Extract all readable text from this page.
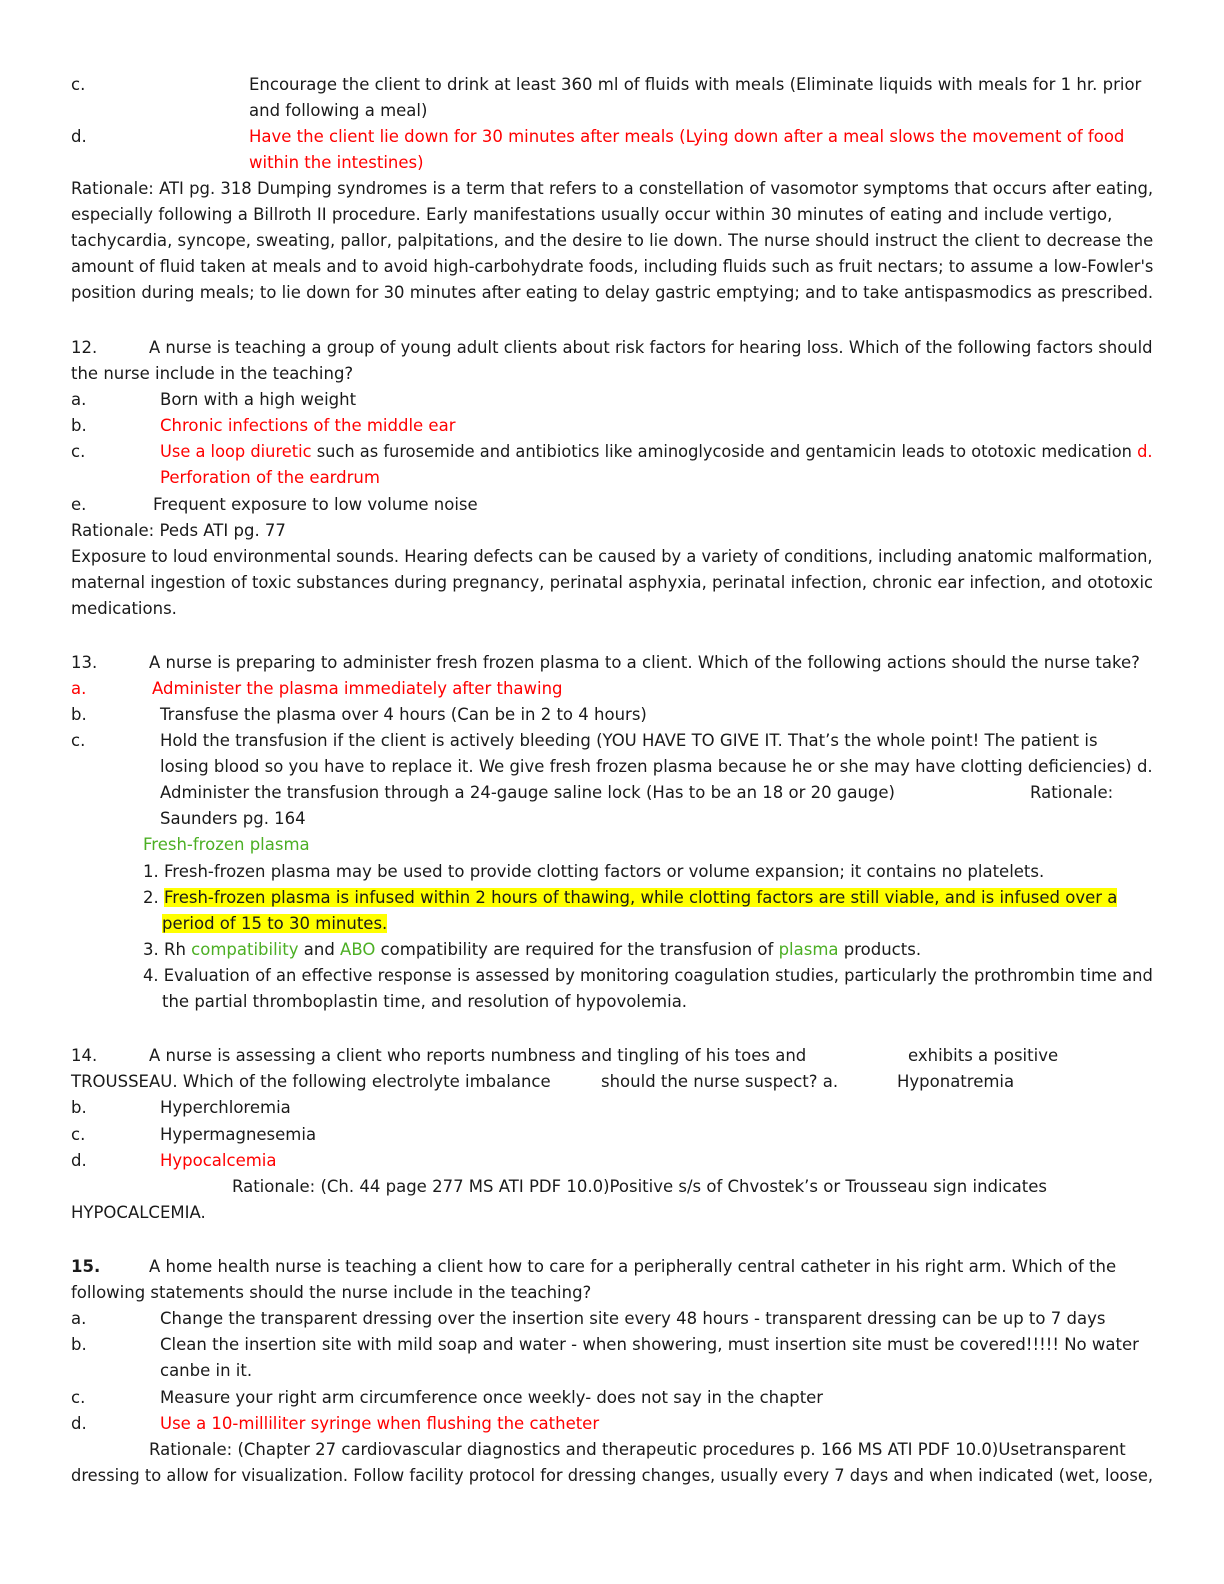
c.	Encourage the client to drink at least 360 ml of fluids with meals (Eliminate liquids with meals for 1 hr. prior
and following a meal)
d.	Have the client lie down for 30 minutes after meals (Lying down after a meal slows the movement of food
within the intestines)
Rationale: ATI pg. 318 Dumping syndromes is a term that refers to a constellation of vasomotor symptoms that occurs after eating,
especially following a Billroth II procedure. Early manifestations usually occur within 30 minutes of eating and include vertigo,
tachycardia, syncope, sweating, pallor, palpitations, and the desire to lie down. The nurse should instruct the client to decrease the
amount of fluid taken at meals and to avoid high-carbohydrate foods, including fluids such as fruit nectars; to assume a low-Fowler's
position during meals; to lie down for 30 minutes after eating to delay gastric emptying; and to take antispasmodics as prescribed.
12.	A nurse is teaching a group of young adult clients about risk factors for hearing loss. Which of the following factors should
the nurse include in the teaching?
a.	Born with a high weight
b.	Chronic infections of the middle ear
c.	Use a loop diuretic such as furosemide and antibiotics like aminoglycoside and gentamicin leads to ototoxic medication d.
Perforation of the eardrum
e.	Frequent exposure to low volume noise
Rationale: Peds ATI pg. 77
Exposure to loud environmental sounds. Hearing defects can be caused by a variety of conditions, including anatomic malformation,
maternal ingestion of toxic substances during pregnancy, perinatal asphyxia, perinatal infection, chronic ear infection, and ototoxic
medications.
13.	A nurse is preparing to administer fresh frozen plasma to a client. Which of the following actions should the nurse take?
a.	Administer the plasma immediately after thawing
b.	Transfuse the plasma over 4 hours (Can be in 2 to 4 hours)
c.	Hold the transfusion if the client is actively bleeding (YOU HAVE TO GIVE IT. That’s the whole point! The patient is
losing blood so you have to replace it. We give fresh frozen plasma because he or she may have clotting deficiencies) d.
Administer the transfusion through a 24-gauge saline lock (Has to be an 18 or 20 gauge)	Rationale:
Saunders pg. 164
Fresh-frozen plasma
1. Fresh-frozen plasma may be used to provide clotting factors or volume expansion; it contains no platelets.
2. Fresh-frozen plasma is infused within 2 hours of thawing, while clotting factors are still viable, and is infused over a
period of 15 to 30 minutes.
3. Rh compatibility and ABO compatibility are required for the transfusion of plasma products.
4. Evaluation of an effective response is assessed by monitoring coagulation studies, particularly the prothrombin time and
the partial thromboplastin time, and resolution of hypovolemia.
14.	A nurse is assessing a client who reports numbness and tingling of his toes and	exhibits a positive
TROUSSEAU. Which of the following electrolyte imbalance	should the nurse suspect? a.	Hyponatremia
b.	Hyperchloremia
c.	Hypermagnesemia
d.	Hypocalcemia
Rationale: (Ch. 44 page 277 MS ATI PDF 10.0)Positive s/s of Chvostek’s or Trousseau sign indicates
HYPOCALCEMIA.
15.	A home health nurse is teaching a client how to care for a peripherally central catheter in his right arm. Which of the
following statements should the nurse include in the teaching?
a.	Change the transparent dressing over the insertion site every 48 hours - transparent dressing can be up to 7 days
b.	Clean the insertion site with mild soap and water - when showering, must insertion site must be covered!!!!! No water
canbe in it.
c.	Measure your right arm circumference once weekly- does not say in the chapter
d.	Use a 10-milliliter syringe when flushing the catheter
Rationale: (Chapter 27 cardiovascular diagnostics and therapeutic procedures p. 166 MS ATI PDF 10.0)Usetransparent
dressing to allow for visualization. Follow facility protocol for dressing changes, usually every 7 days and when indicated (wet, loose,
